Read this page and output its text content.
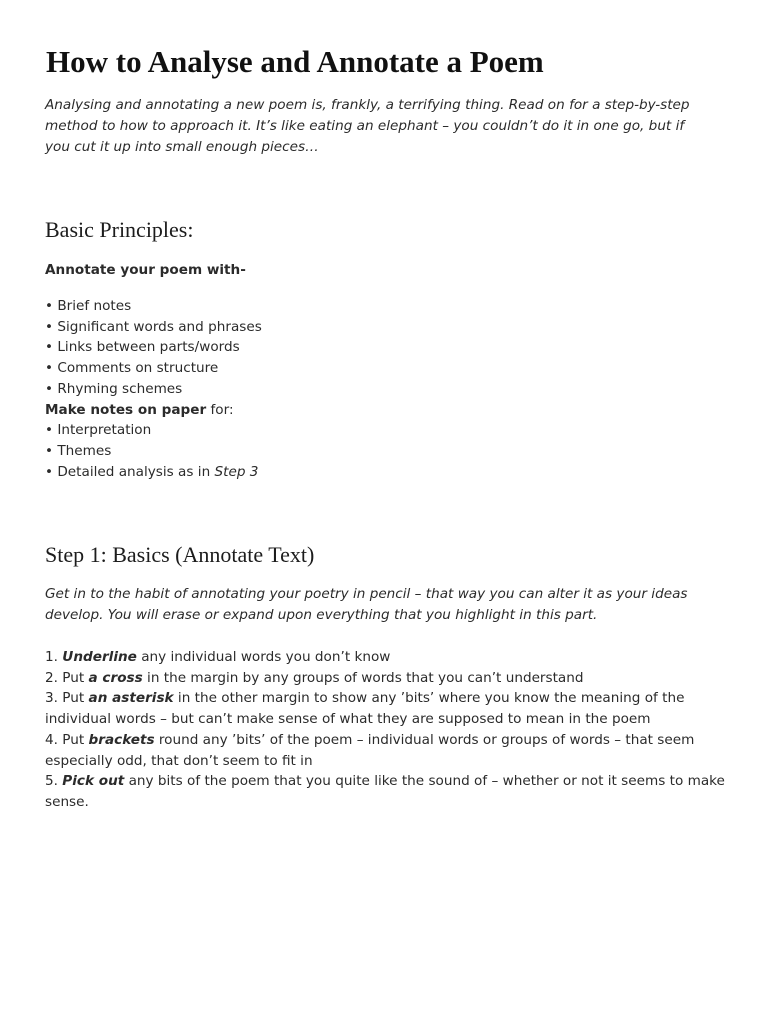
How to Analyse and Annotate a Poem
Analysing and annotating a new poem is, frankly, a terrifying thing. Read on for a step-by-step
method to how to approach it. It’s like eating an elephant – you couldn’t do it in one go, but if
you cut it up into small enough pieces…
Basic Principles:
Annotate your poem with-
• Brief notes
• Significant words and phrases
• Links between parts/words
• Comments on structure
• Rhyming schemes
Make notes on paper for:
• Interpretation
• Themes
• Detailed analysis as in Step 3
Step 1: Basics (Annotate Text)
Get in to the habit of annotating your poetry in pencil – that way you can alter it as your ideas
develop. You will erase or expand upon everything that you highlight in this part.
1. Underline any individual words you don’t know
2. Put a cross in the margin by any groups of words that you can’t understand
3. Put an asterisk in the other margin to show any ’bits’ where you know the meaning of the
individual words – but can’t make sense of what they are supposed to mean in the poem
4. Put brackets round any ’bits’ of the poem – individual words or groups of words – that seem
especially odd, that don’t seem to fit in
5. Pick out any bits of the poem that you quite like the sound of – whether or not it seems to make
sense.
